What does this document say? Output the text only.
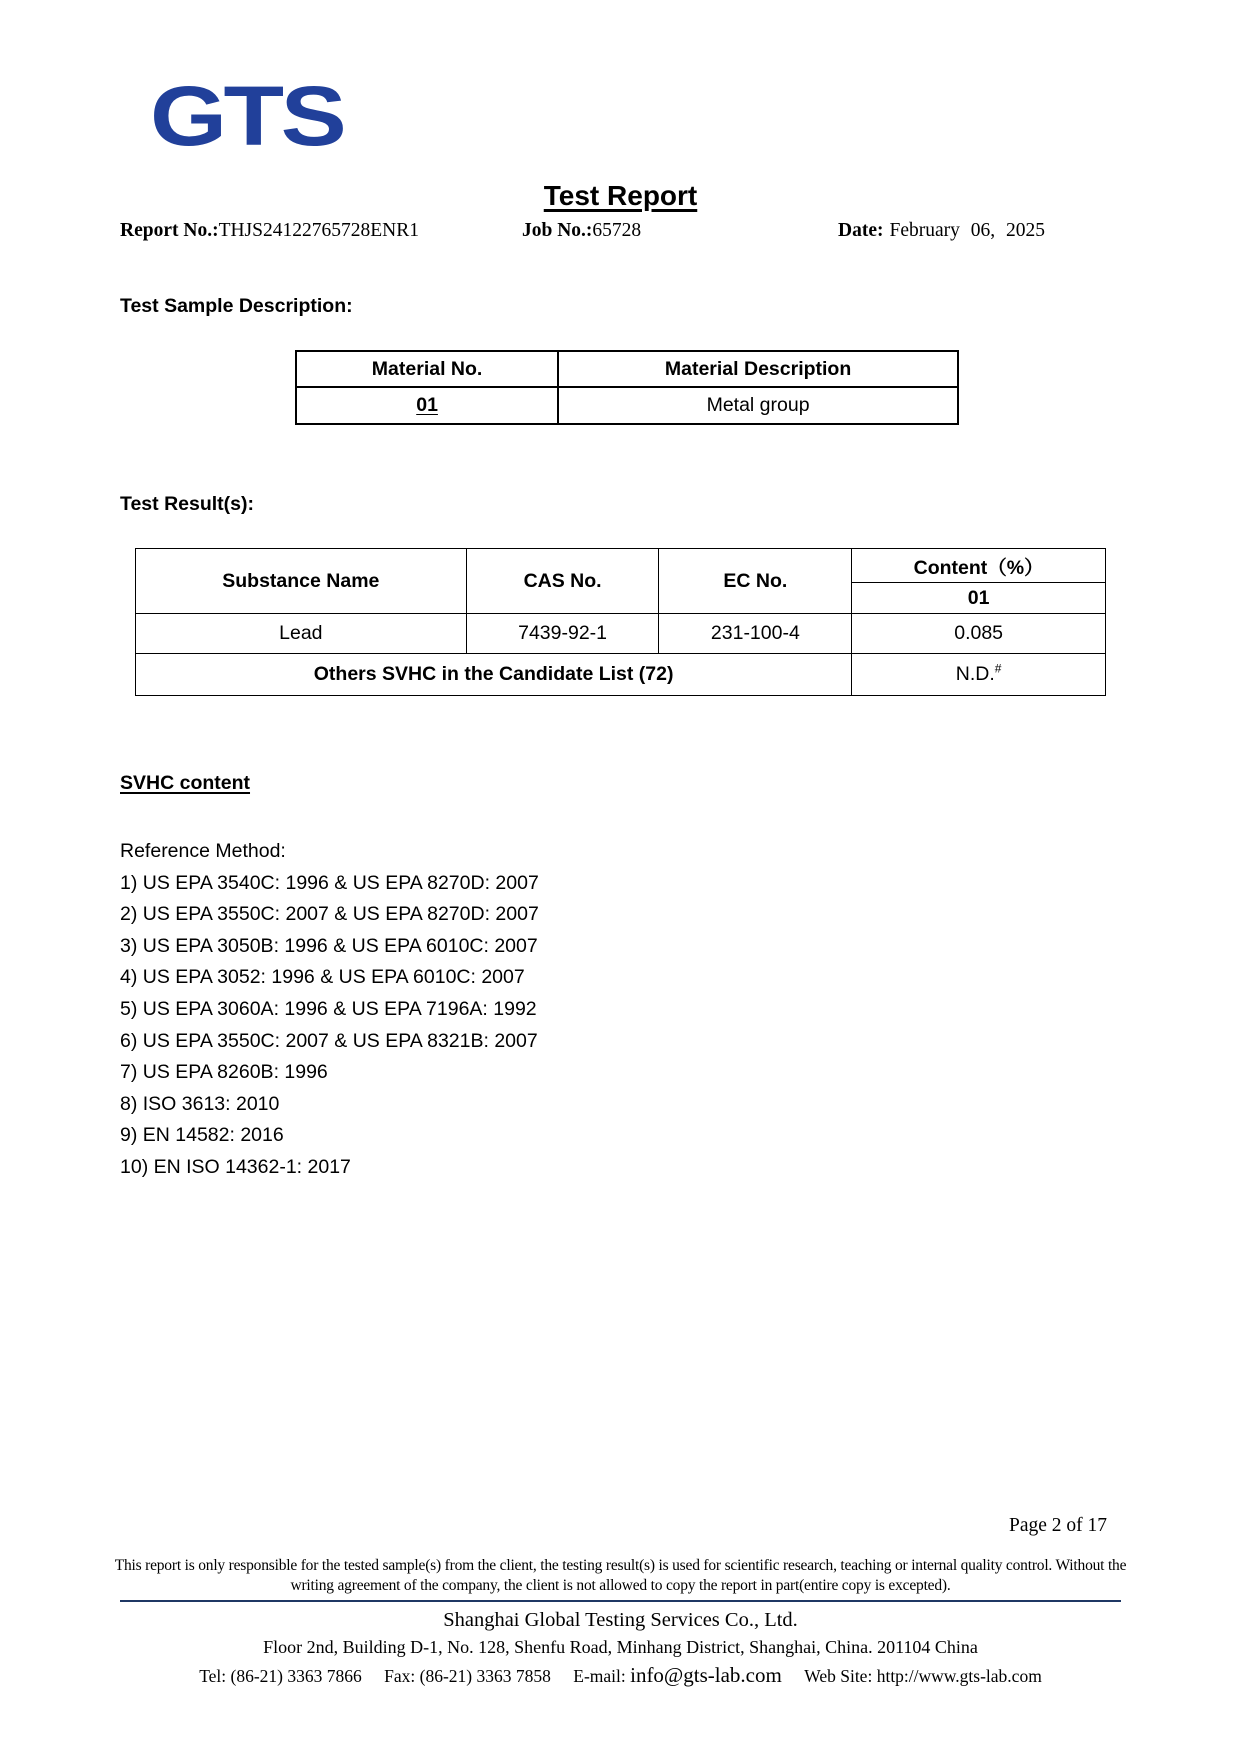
GTS
Test Report
Report No.:THJS24122765728ENR1	Job No.:65728	Date: February 06, 2025
Test Sample Description:
Material No.	Material Description
01	Metal group
Test Result(s):
Substance Name	CAS No.	EC No.	Content（%）
			01
Lead	7439-92-1	231-100-4	0.085
Others SVHC in the Candidate List (72)			N.D.#
SVHC content
Reference Method:
1) US EPA 3540C: 1996 & US EPA 8270D: 2007
2) US EPA 3550C: 2007 & US EPA 8270D: 2007
3) US EPA 3050B: 1996 & US EPA 6010C: 2007
4) US EPA 3052: 1996 & US EPA 6010C: 2007
5) US EPA 3060A: 1996 & US EPA 7196A: 1992
6) US EPA 3550C: 2007 & US EPA 8321B: 2007
7) US EPA 8260B: 1996
8) ISO 3613: 2010
9) EN 14582: 2016
10) EN ISO 14362-1: 2017
Page 2 of 17
This report is only responsible for the tested sample(s) from the client, the testing result(s) is used for scientific research, teaching or internal quality control. Without the writing agreement of the company, the client is not allowed to copy the report in part(entire copy is excepted).
Shanghai Global Testing Services Co., Ltd.
Floor 2nd, Building D-1, No. 128, Shenfu Road, Minhang District, Shanghai, China. 201104 China
Tel: (86-21) 3363 7866 Fax: (86-21) 3363 7858 E-mail: info@gts-lab.com Web Site: http://www.gts-lab.com
